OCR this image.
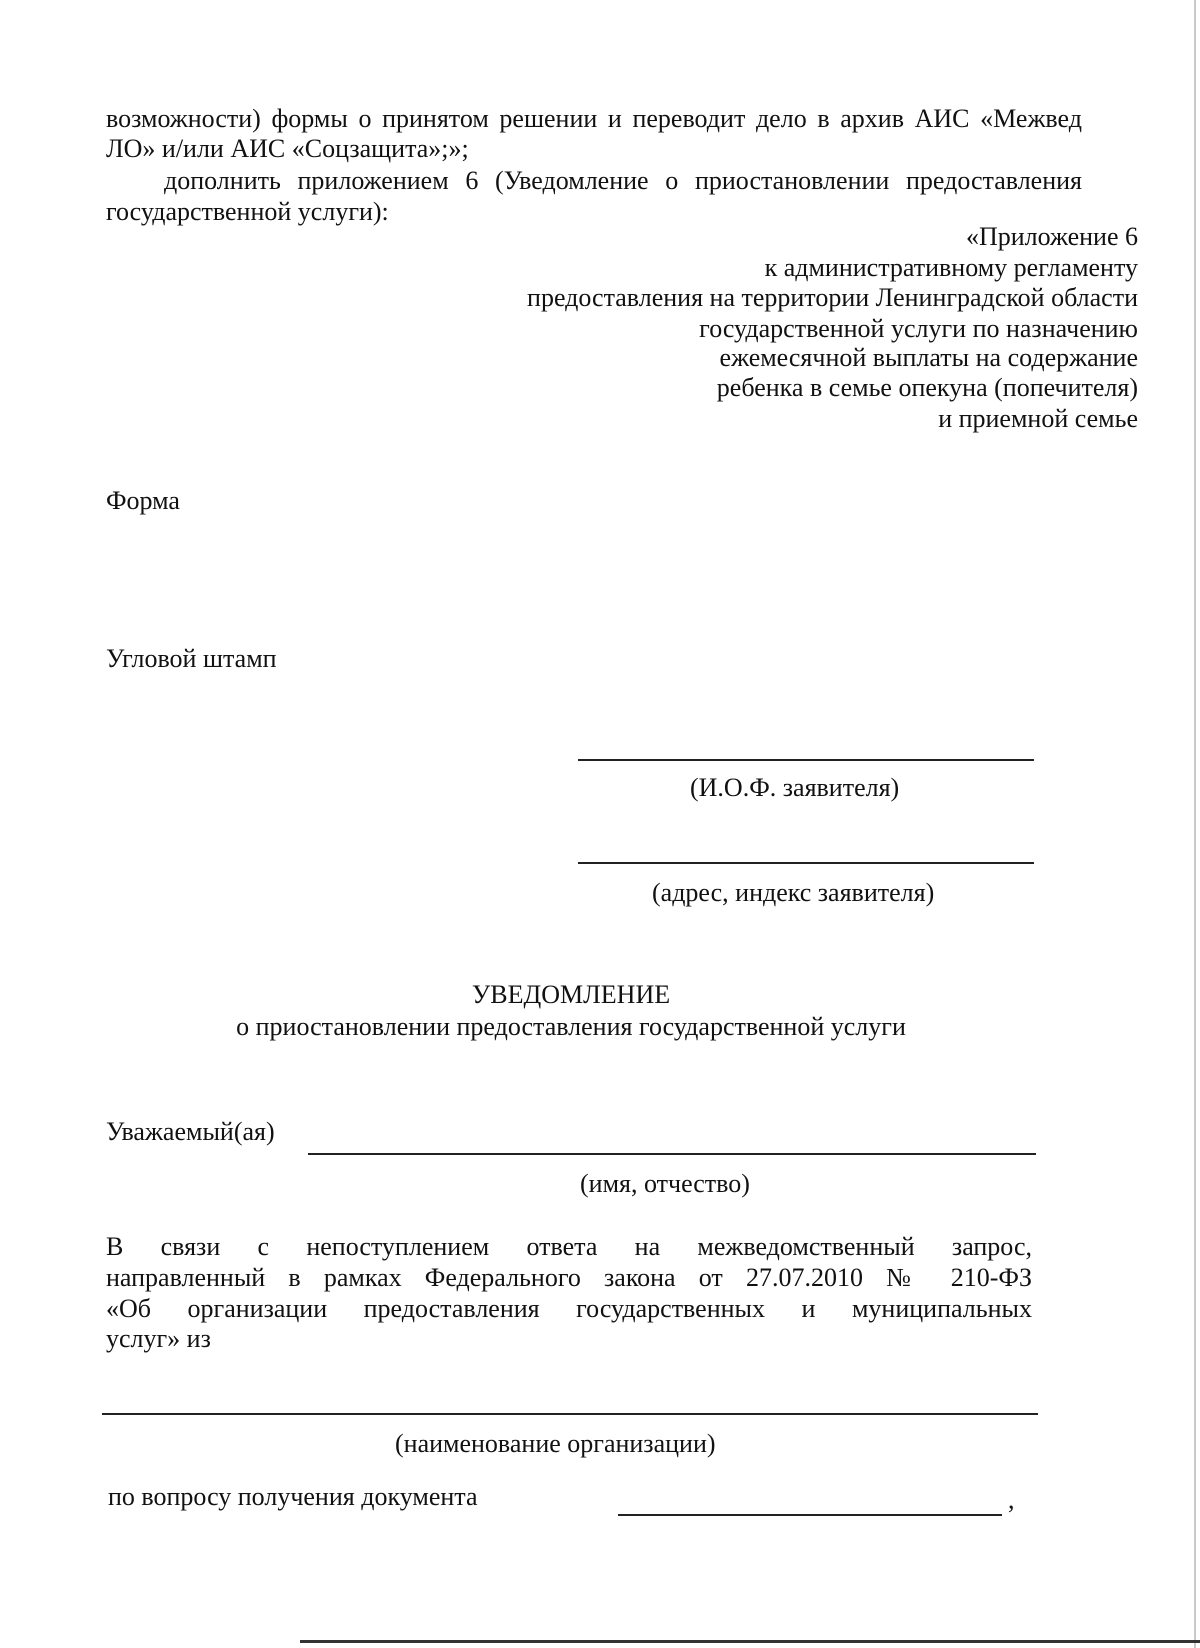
возможности) формы о принятом решении и переводит дело в архив АИС «Межвед
ЛО» и/или АИС «Соцзащита»;»;
дополнить приложением 6 (Уведомление о приостановлении предоставления
государственной услуги):
«Приложение 6
к административному регламенту
предоставления на территории Ленинградской области
государственной услуги по назначению
ежемесячной выплаты на содержание
ребенка в семье опекуна (попечителя)
и приемной семье
Форма
Угловой штамп
(И.О.Ф. заявителя)
(адрес, индекс заявителя)
УВЕДОМЛЕНИЕ
о приостановлении предоставления государственной услуги
Уважаемый(ая)
(имя, отчество)
В связи с непоступлением ответа на межведомственный запрос,
направленный в рамках Федерального закона от 27.07.2010 № 210-ФЗ
«Об организации предоставления государственных и муниципальных
услуг» из
(наименование организации)
по вопросу получения документа	,
